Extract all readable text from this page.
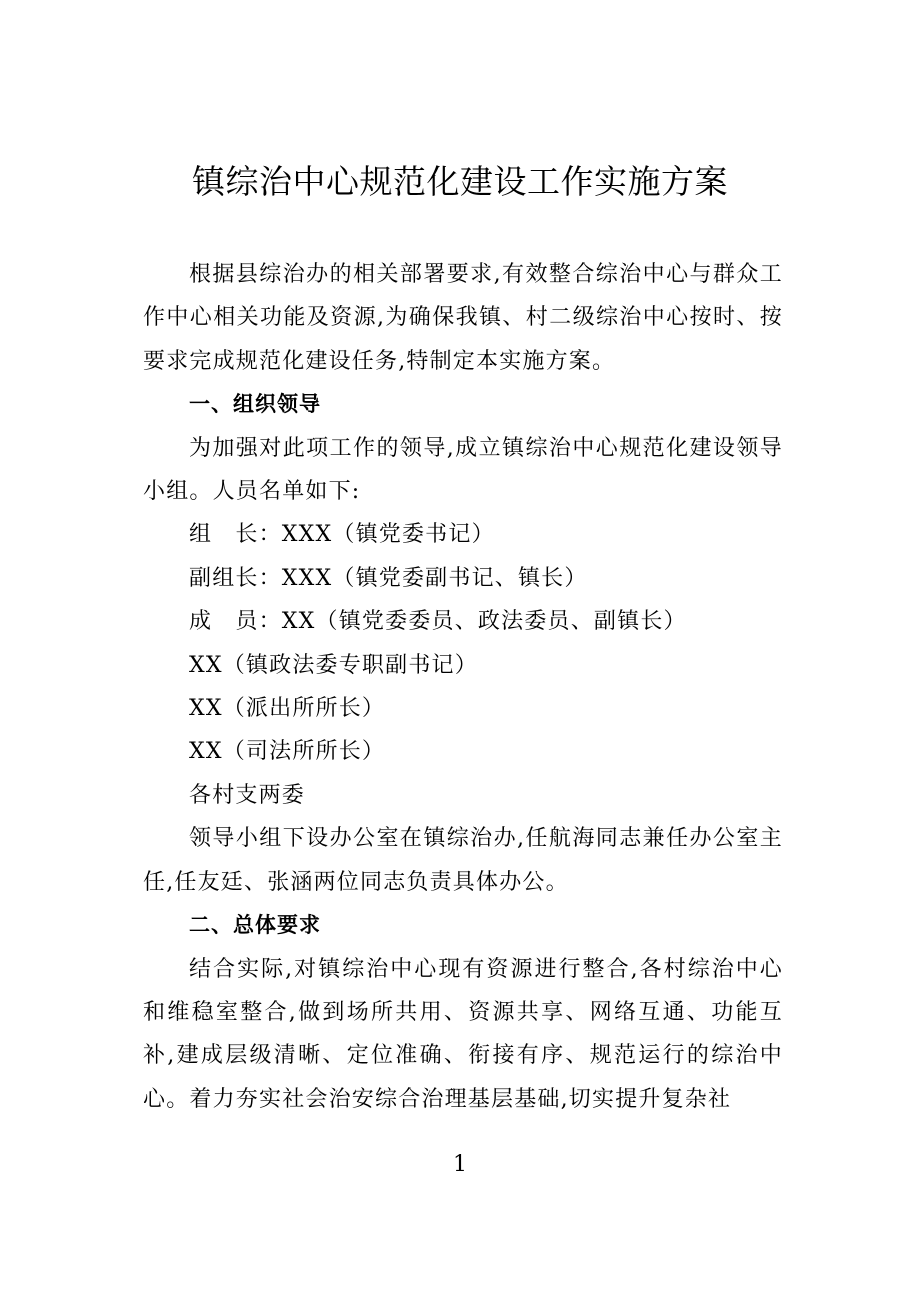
镇综治中心规范化建设工作实施方案

根据县综治办的相关部署要求,有效整合综治中心与群众工作中心相关功能及资源,为确保我镇、村二级综治中心按时、按要求完成规范化建设任务,特制定本实施方案。

一、组织领导

为加强对此项工作的领导,成立镇综治中心规范化建设领导小组。人员名单如下:

组　长：XXX（镇党委书记）

副组长：XXX（镇党委副书记、镇长）

成　员：XX（镇党委委员、政法委员、副镇长）

XX（镇政法委专职副书记）

XX（派出所所长）

XX（司法所所长）

各村支两委

领导小组下设办公室在镇综治办,任航海同志兼任办公室主任,任友廷、张涵两位同志负责具体办公。

二、总体要求

结合实际,对镇综治中心现有资源进行整合,各村综治中心和维稳室整合,做到场所共用、资源共享、网络互通、功能互补,建成层级清晰、定位准确、衔接有序、规范运行的综治中心。着力夯实社会治安综合治理基层基础,切实提升复杂社

1
